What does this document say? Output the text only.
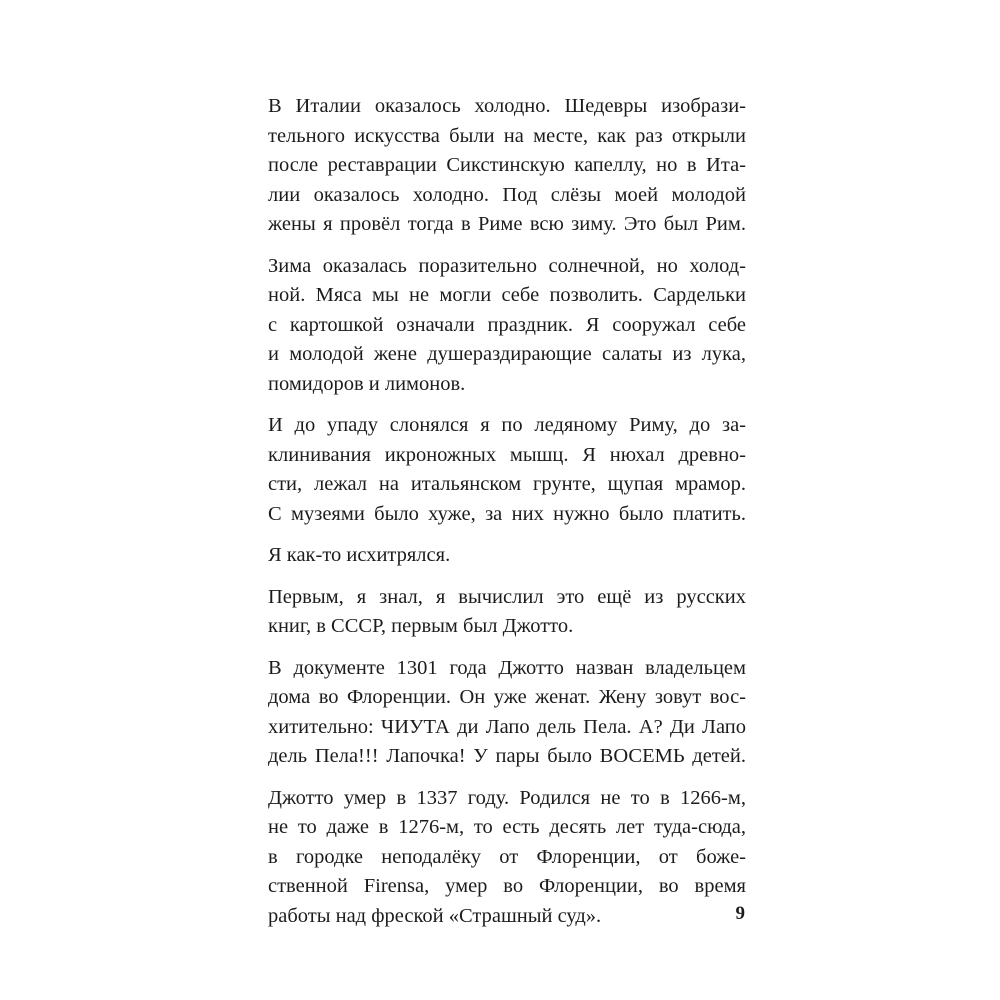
В Италии оказалось холодно. Шедевры изобрази-
тельного искусства были на месте, как раз открыли
после реставрации Сикстинскую капеллу, но в Ита-
лии оказалось холодно. Под слёзы моей молодой
жены я провёл тогда в Риме всю зиму. Это был Рим.

Зима оказалась поразительно солнечной, но холод-
ной. Мяса мы не могли себе позволить. Сардельки
с картошкой означали праздник. Я сооружал себе
и молодой жене душераздирающие салаты из лука,
помидоров и лимонов.

И до упаду слонялся я по ледяному Риму, до за-
клинивания икроножных мышц. Я нюхал древно-
сти, лежал на итальянском грунте, щупая мрамор.
С музеями было хуже, за них нужно было платить.

Я как-то исхитрялся.

Первым, я знал, я вычислил это ещё из русских
книг, в СССР, первым был Джотто.

В документе 1301 года Джотто назван владельцем
дома во Флоренции. Он уже женат. Жену зовут вос-
хитительно: ЧИУТА ди Лапо дель Пела. А? Ди Лапо
дель Пела!!! Лапочка! У пары было ВОСЕМЬ детей.

Джотто умер в 1337 году. Родился не то в 1266-м,
не то даже в 1276-м, то есть десять лет туда-сюда,
в городке неподалёку от Флоренции, от боже-
ственной Firensa, умер во Флоренции, во время
работы над фреской «Страшный суд».	9
